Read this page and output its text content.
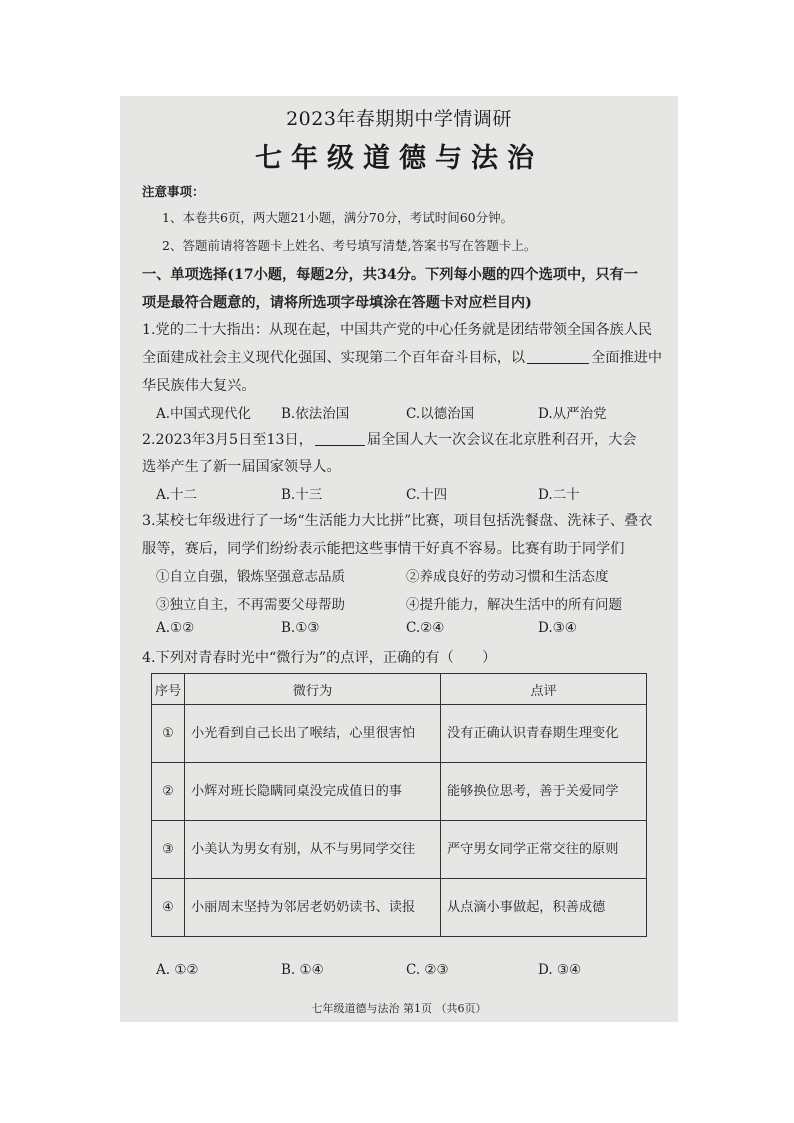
2023年春期期中学情调研
七年级道德与法治
注意事项：
1、本卷共6页，两大题21小题，满分70分，考试时间60分钟。
2、答题前请将答题卡上姓名、考号填写清楚,答案书写在答题卡上。
一、单项选择(17小题，每题2分，共34分。下列每小题的四个选项中，只有一
项是最符合题意的，请将所选项字母填涂在答题卡对应栏目内)
1.党的二十大指出：从现在起，中国共产党的中心任务就是团结带领全国各族人民
全面建成社会主义现代化强国、实现第二个百年奋斗目标，以	全面推进中
华民族伟大复兴。
A.中国式现代化 B.依法治国	C.以德治国	D.从严治党
2.2023年3月5日至13日，	届全国人大一次会议在北京胜利召开，大会
选举产生了新一届国家领导人。
A.十二	B.十三	C.十四	D.二十
3.某校七年级进行了一场“生活能力大比拼”比赛，项目包括洗餐盘、洗袜子、叠衣
服等，赛后，同学们纷纷表示能把这些事情干好真不容易。比赛有助于同学们
①自立自强，锻炼坚强意志品质	②养成良好的劳动习惯和生活态度
③独立自主，不再需要父母帮助	④提升能力，解决生活中的所有问题
A.①②	B.①③	C.②④	D.③④
4.下列对青春时光中“微行为”的点评，正确的有（　　）
序号	微行为	点评
①	小光看到自己长出了喉结，心里很害怕	没有正确认识青春期生理变化
②	小辉对班长隐瞒同桌没完成值日的事	能够换位思考，善于关爱同学
③	小美认为男女有别，从不与男同学交往	严守男女同学正常交往的原则
④	小丽周末坚持为邻居老奶奶读书、读报	从点滴小事做起，积善成德
A. ①②	B. ①④	C. ②③	D. ③④
七年级道德与法治 第1页 （共6页）
